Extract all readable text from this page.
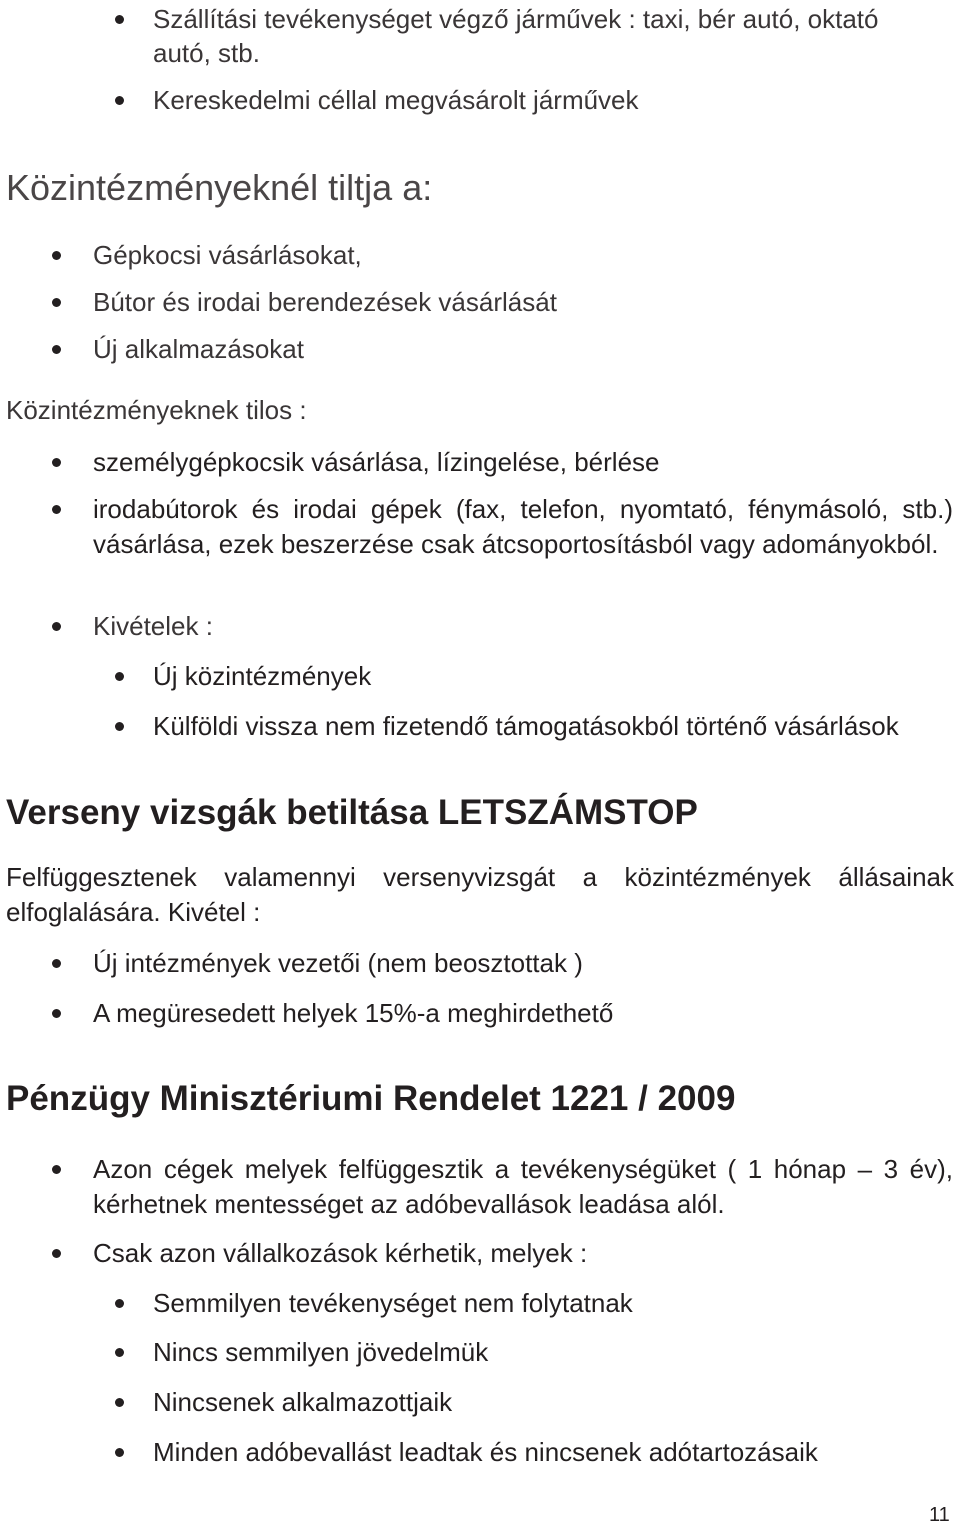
Szállítási tevékenységet végző járművek : taxi, bér autó, oktató
autó, stb.
Kereskedelmi céllal megvásárolt járművek
Közintézményeknél tiltja a:
Gépkocsi vásárlásokat,
Bútor és irodai berendezések vásárlását
Új alkalmazásokat
Közintézményeknek tilos :
személygépkocsik vásárlása, lízingelése, bérlése
irodabútorok és irodai gépek (fax, telefon, nyomtató, fénymásoló, stb.) vásárlása, ezek beszerzése csak átcsoportosításból vagy adományokból.
Kivételek :
Új közintézmények
Külföldi vissza nem fizetendő támogatásokból történő vásárlások
Verseny vizsgák betiltása LETSZÁMSTOP
Felfüggesztenek valamennyi versenyvizsgát a közintézmények állásainak elfoglalására. Kivétel :
Új intézmények vezetői (nem beosztottak )
A megüresedett helyek 15%-a meghirdethető
Pénzügy Minisztériumi Rendelet 1221 / 2009
Azon cégek melyek felfüggesztik a tevékenységüket ( 1 hónap – 3 év), kérhetnek mentességet az adóbevallások leadása alól.
Csak azon vállalkozások kérhetik, melyek :
Semmilyen tevékenységet nem folytatnak
Nincs semmilyen jövedelmük
Nincsenek alkalmazottjaik
Minden adóbevallást leadtak és nincsenek adótartozásaik
11
